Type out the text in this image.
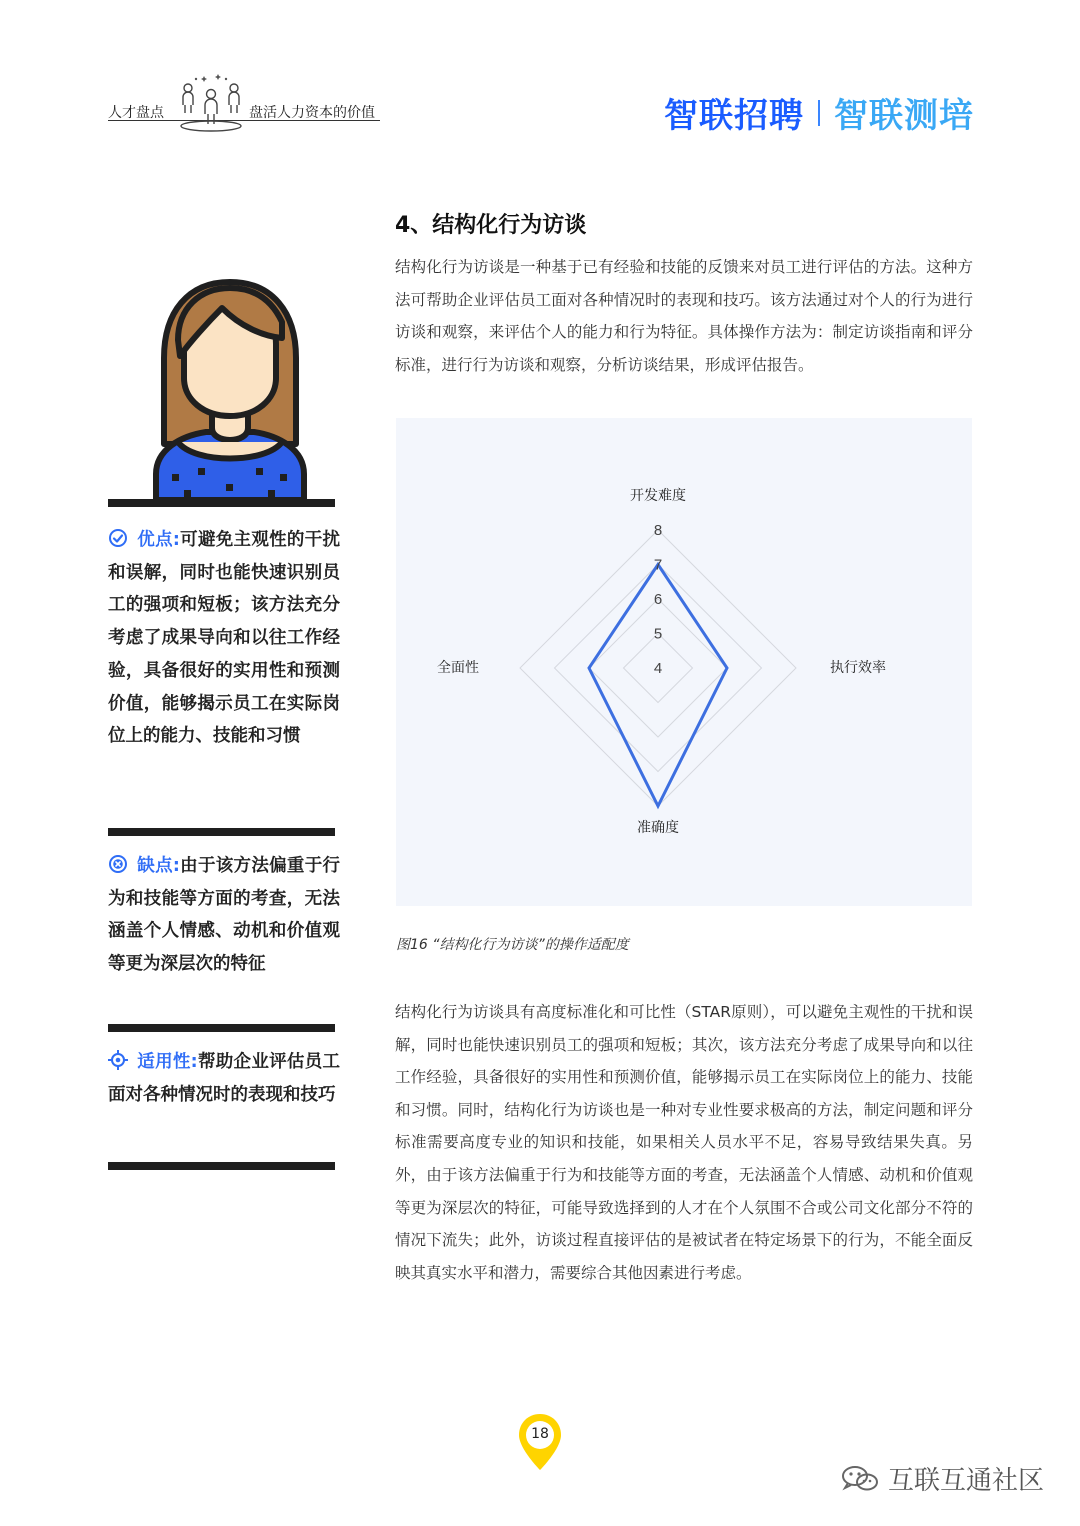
人才盘点	盘活人力资本的价值	智联招聘 智联测培
4、结构化行为访谈
结构化行为访谈是一种基于已有经验和技能的反馈来对员工进行评估的方法。这种方法可帮助企业评估员工面对各种情况时的表现和技巧。该方法通过对个人的行为进行访谈和观察，来评估个人的能力和行为特征。具体操作方法为：制定访谈指南和评分标准，进行行为访谈和观察，分析访谈结果，形成评估报告。
优点:可避免主观性的干扰和误解，同时也能快速识别员工的强项和短板；该方法充分考虑了成果导向和以往工作经验，具备很好的实用性和预测价值，能够揭示员工在实际岗位上的能力、技能和习惯
缺点:由于该方法偏重于行为和技能等方面的考查，无法涵盖个人情感、动机和价值观等更为深层次的特征
适用性:帮助企业评估员工面对各种情况时的表现和技巧
4
5
6
7
8
开发难度
执行效率
准确度
全面性
图16 “结构化行为访谈”的操作适配度
结构化行为访谈具有高度标准化和可比性（STAR原则），可以避免主观性的干扰和误解，同时也能快速识别员工的强项和短板；其次，该方法充分考虑了成果导向和以往工作经验，具备很好的实用性和预测价值，能够揭示员工在实际岗位上的能力、技能和习惯。同时，结构化行为访谈也是一种对专业性要求极高的方法，制定问题和评分标准需要高度专业的知识和技能，如果相关人员水平不足，容易导致结果失真。另外，由于该方法偏重于行为和技能等方面的考查，无法涵盖个人情感、动机和价值观等更为深层次的特征，可能导致选择到的人才在个人氛围不合或公司文化部分不符的情况下流失；此外，访谈过程直接评估的是被试者在特定场景下的行为，不能全面反映其真实水平和潜力，需要综合其他因素进行考虑。
18
互联互通社区
